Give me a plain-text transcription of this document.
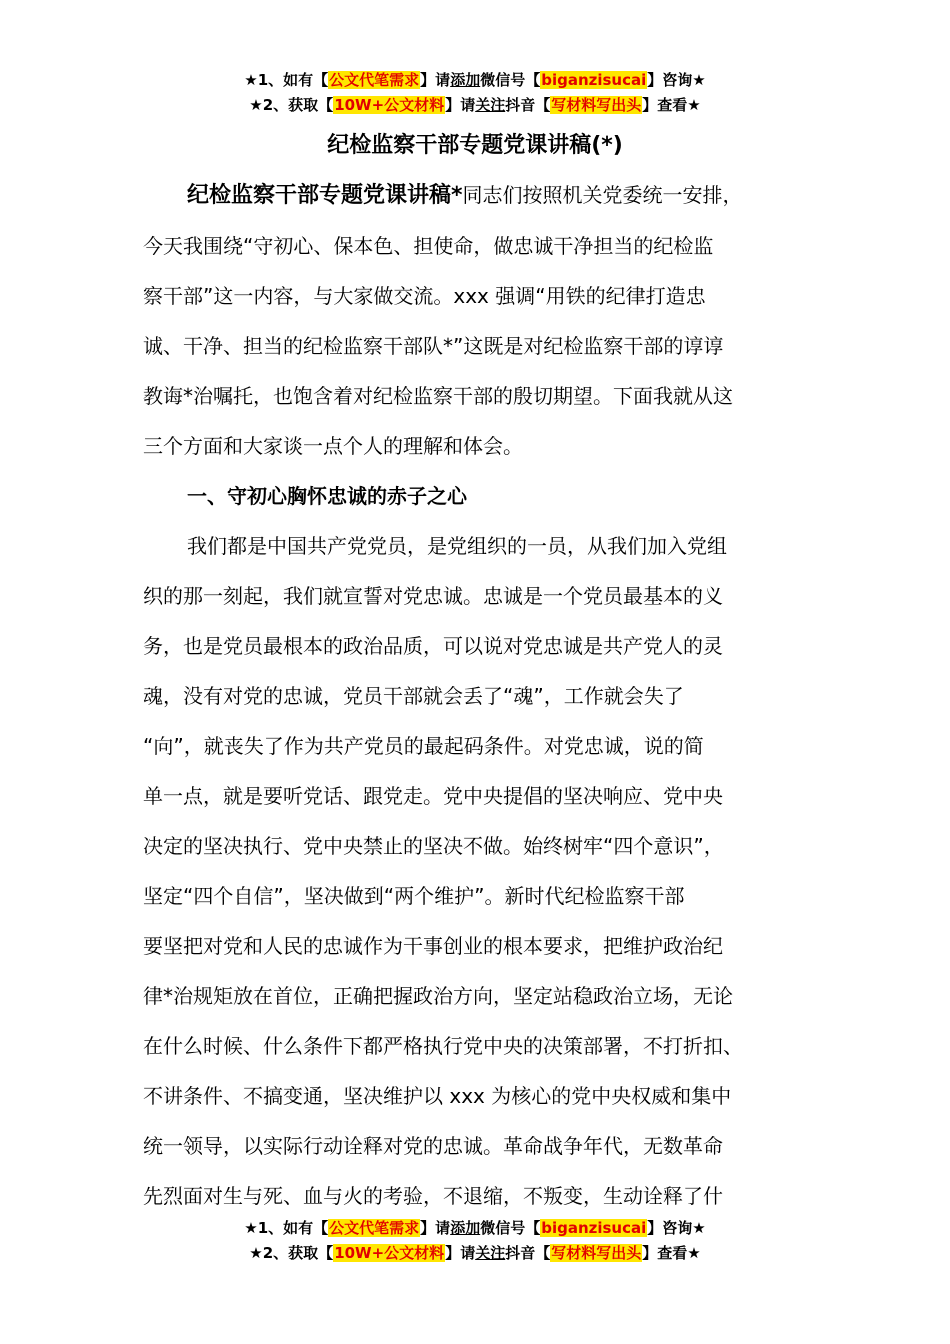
★1、如有【公文代笔需求】请添加微信号【biganzisucai】咨询★
★2、获取【10W+公文材料】请关注抖音【写材料写出头】查看★
纪检监察干部专题党课讲稿(*)

纪检监察干部专题党课讲稿*同志们按照机关党委统一安排，

今天我围绕“守初心、保本色、担使命，做忠诚干净担当的纪检监

察干部”这一内容，与大家做交流。xxx 强调“用铁的纪律打造忠

诚、干净、担当的纪检监察干部队*”这既是对纪检监察干部的谆谆

教诲*治嘱托，也饱含着对纪检监察干部的殷切期望。下面我就从这

三个方面和大家谈一点个人的理解和体会。

一、守初心胸怀忠诚的赤子之心

我们都是中国共产党党员，是党组织的一员，从我们加入党组

织的那一刻起，我们就宣誓对党忠诚。忠诚是一个党员最基本的义

务，也是党员最根本的政治品质，可以说对党忠诚是共产党人的灵

魂，没有对党的忠诚，党员干部就会丢了“魂”，工作就会失了

“向”，就丧失了作为共产党员的最起码条件。对党忠诚，说的简

单一点，就是要听党话、跟党走。党中央提倡的坚决响应、党中央

决定的坚决执行、党中央禁止的坚决不做。始终树牢“四个意识”，

坚定“四个自信”，坚决做到“两个维护”。新时代纪检监察干部

要坚把对党和人民的忠诚作为干事创业的根本要求，把维护政治纪

律*治规矩放在首位，正确把握政治方向，坚定站稳政治立场，无论

在什么时候、什么条件下都严格执行党中央的决策部署，不打折扣、

不讲条件、不搞变通，坚决维护以 xxx 为核心的党中央权威和集中

统一领导，以实际行动诠释对党的忠诚。革命战争年代，无数革命

先烈面对生与死、血与火的考验，不退缩，不叛变，生动诠释了什

★1、如有【公文代笔需求】请添加微信号【biganzisucai】咨询★
★2、获取【10W+公文材料】请关注抖音【写材料写出头】查看★
